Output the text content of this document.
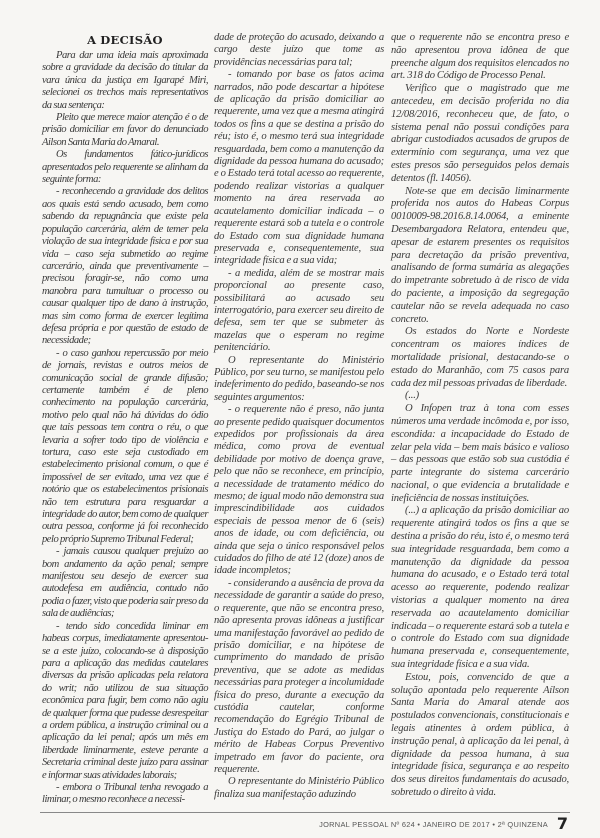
A DECISÃO

Para dar uma ideia mais aproximada sobre a gravidade da decisão do titular da vara única da justiça em Igarapé Miri, selecionei os trechos mais representativos da sua sentença:

Pleito que merece maior atenção é o de prisão domiciliar em favor do denunciado Ailson Santa Maria do Amaral.

Os fundamentos fático-jurídicos apresentados pelo requerente se alinham da seguinte forma:

- reconhecendo a gravidade dos delitos aos quais está sendo acusado, bem como sabendo da repugnância que existe pela população carcerária, além de temer pela violação de sua integridade física e por sua vida – caso seja submetido ao regime carcerário, ainda que preventivamente – precisou foragir-se, não como uma manobra para tumultuar o processo ou causar qualquer tipo de dano à instrução, mas sim como forma de exercer legítima defesa própria e por questão de estado de necessidade;

- o caso ganhou repercussão por meio de jornais, revistas e outros meios de comunicação social de grande difusão; certamente também é de pleno conhecimento na população carcerária, motivo pelo qual não há dúvidas do ódio que tais pessoas tem contra o réu, o que levaria a sofrer todo tipo de violência e tortura, caso este seja custodiado em estabelecimento prisional comum, o que é impossível de ser evitado, uma vez que é notório que os estabelecimentos prisionais não tem estrutura para resguardar a integridade do autor, bem como de qualquer outra pessoa, conforme já foi reconhecido pelo próprio Supremo Tribunal Federal;

- jamais causou qualquer prejuízo ao bom andamento da ação penal; sempre manifestou seu desejo de exercer sua autodefesa em audiência, contudo não podia o fazer, visto que poderia sair preso da sala de audiências;

- tendo sido concedida liminar em habeas corpus, imediatamente apresentou-se a este juízo, colocando-se à disposição para a aplicação das medidas cautelares diversas da prisão aplicadas pela relatora do writ; não utilizou de sua situação econômica para fugir, bem como não agiu de qualquer forma que pudesse desrespeitar a ordem pública, a instrução criminal ou a aplicação da lei penal; após um mês em liberdade liminarmente, esteve perante a Secretaria criminal deste juízo para assinar e informar suas atividades laborais;

- embora o Tribunal tenha revogado a liminar, o mesmo reconhece a necessi-

dade de proteção do acusado, deixando a cargo deste juízo que tome as providências necessárias para tal;

- tomando por base os fatos acima narrados, não pode descartar a hipótese de aplicação da prisão domiciliar ao requerente, uma vez que a mesma atingirá todos os fins a que se destina a prisão do réu; isto é, o mesmo terá sua integridade resguardada, bem como a manutenção da dignidade da pessoa humana do acusado; e o Estado terá total acesso ao requerente, podendo realizar vistorias a qualquer momento na área reservada ao acautelamento domiciliar indicada – o requerente estará sob a tutela e o controle do Estado com sua dignidade humana preservada e, consequentemente, sua integridade física e a sua vida;

- a medida, além de se mostrar mais proporcional ao presente caso, possibilitará ao acusado seu interrogatório, para exercer seu direito de defesa, sem ter que se submeter às mazelas que o esperam no regime penitenciário.

O representante do Ministério Público, por seu turno, se manifestou pelo indeferimento do pedido, baseando-se nos seguintes argumentos:

- o requerente não é preso, não junta ao presente pedido quaisquer documentos expedidos por profissionais da área médica, como prova de eventual debilidade por motivo de doença grave, pelo que não se reconhece, em princípio, a necessidade de tratamento médico do mesmo; de igual modo não demonstra sua imprescindibilidade aos cuidados especiais de pessoa menor de 6 (seis) anos de idade, ou com deficiência, ou ainda que seja o único responsável pelos cuidados do filho de até 12 (doze) anos de idade incompletos;

- considerando a ausência de prova da necessidade de garantir a saúde do preso, o requerente, que não se encontra preso, não apresenta provas idôneas a justificar uma manifestação favorável ao pedido de prisão domiciliar, e na hipótese de cumprimento do mandado de prisão preventiva, que se adote as medidas necessárias para proteger a incolumidade física do preso, durante a execução da custódia cautelar, conforme recomendação do Egrégio Tribunal de Justiça do Estado do Pará, ao julgar o mérito de Habeas Corpus Preventivo impetrado em favor do paciente, ora requerente.

O representante do Ministério Público finaliza sua manifestação aduzindo

que o requerente não se encontra preso e não apresentou prova idônea de que preenche algum dos requisitos elencados no art. 318 do Código de Processo Penal.

Verifico que o magistrado que me antecedeu, em decisão proferida no dia 12/08/2016, reconheceu que, de fato, o sistema penal não possui condições para abrigar custodiados acusados de grupos de extermínio com segurança, uma vez que estes presos são perseguidos pelos demais detentos (fl. 14056).

Note-se que em decisão liminarmente proferida nos autos do Habeas Corpus 0010009-98.2016.8.14.0064, a eminente Desembargadora Relatora, entendeu que, apesar de estarem presentes os requisitos para decretação da prisão preventiva, analisando de forma sumária as alegações do impetrante sobretudo à de risco de vida do paciente, a imposição da segregação cautelar não se revela adequada no caso concreto.

Os estados do Norte e Nordeste concentram os maiores índices de mortalidade prisional, destacando-se o estado do Maranhão, com 75 casos para cada dez mil pessoas privadas de liberdade.

(...)

O Infopen traz à tona com esses números uma verdade incômoda e, por isso, escondida: a incapacidade do Estado de zelar pela vida – bem mais básico e valioso – das pessoas que estão sob sua custódia é parte integrante do sistema carcerário nacional, o que evidencia a brutalidade e ineficiência de nossas instituições.

(...) a aplicação da prisão domiciliar ao requerente atingirá todos os fins a que se destina a prisão do réu, isto é, o mesmo terá sua integridade resguardada, bem como a manutenção da dignidade da pessoa humana do acusado, e o Estado terá total acesso ao requerente, podendo realizar vistorias a qualquer momento na área reservada ao acautelamento domiciliar indicada – o requerente estará sob a tutela e o controle do Estado com sua dignidade humana preservada e, consequentemente, sua integridade física e a sua vida.

Estou, pois, convencido de que a solução apontada pelo requerente Aílson Santa Maria do Amaral atende aos postulados convencionais, constitucionais e legais atinentes à ordem pública, à instrução penal, à aplicação da lei penal, à dignidade da pessoa humana, à sua integridade física, segurança e ao respeito dos seus direitos fundamentais do acusado, sobretudo o direito à vida.

JORNAL PESSOAL Nº 624 • JANEIRO DE 2017 • 2ª QUINZENA 7
